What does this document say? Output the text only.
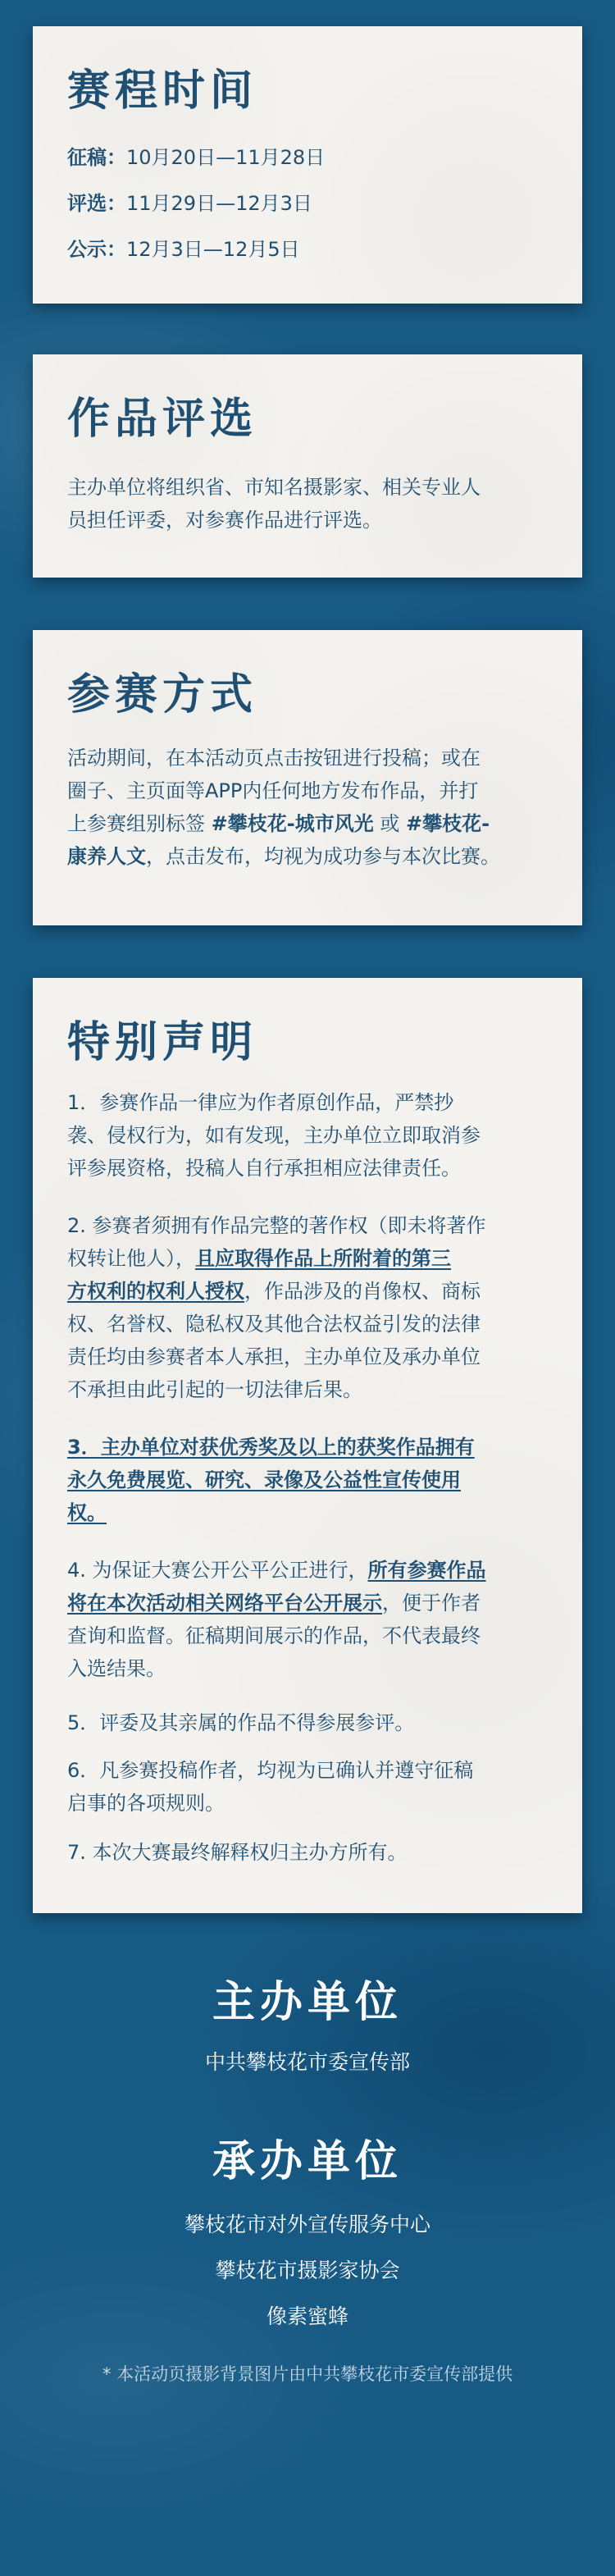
赛程时间
征稿：10月20日—11月28日
评选：11月29日—12月3日
公示：12月3日—12月5日
作品评选
主办单位将组织省、市知名摄影家、相关专业人
员担任评委，对参赛作品进行评选。
参赛方式
活动期间，在本活动页点击按钮进行投稿；或在
圈子、主页面等APP内任何地方发布作品，并打
上参赛组别标签 #攀枝花-城市风光 或 #攀枝花-
康养人文，点击发布，均视为成功参与本次比赛。
特别声明
1．参赛作品一律应为作者原创作品，严禁抄
袭、侵权行为，如有发现，主办单位立即取消参
评参展资格，投稿人自行承担相应法律责任。
2. 参赛者须拥有作品完整的著作权（即未将著作
权转让他人），且应取得作品上所附着的第三
方权利的权利人授权，作品涉及的肖像权、商标
权、名誉权、隐私权及其他合法权益引发的法律
责任均由参赛者本人承担，主办单位及承办单位
不承担由此引起的一切法律后果。
3．主办单位对获优秀奖及以上的获奖作品拥有
永久免费展览、研究、录像及公益性宣传使用
权。
4. 为保证大赛公开公平公正进行，所有参赛作品
将在本次活动相关网络平台公开展示，便于作者
查询和监督。征稿期间展示的作品，不代表最终
入选结果。
5．评委及其亲属的作品不得参展参评。
6．凡参赛投稿作者，均视为已确认并遵守征稿
启事的各项规则。
7. 本次大赛最终解释权归主办方所有。
主办单位
中共攀枝花市委宣传部
承办单位
攀枝花市对外宣传服务中心
攀枝花市摄影家协会
像素蜜蜂
* 本活动页摄影背景图片由中共攀枝花市委宣传部提供
